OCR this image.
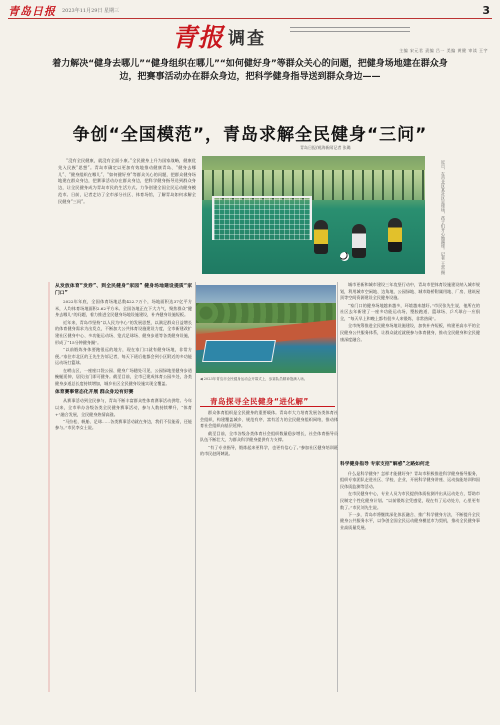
青岛日报 2023年11月29日 星期三	3
青报 调查
主编 宋元君 责编 吕一 美编 黄健 审读 王宇
着力解决“健身去哪儿”“健身组织在哪儿”“如何健好身”等群众关心的问题，把健身场地建在群众身边，把赛事活动办在群众身边，把科学健身指导送到群众身边——
争创“全国模范”，青岛求解全民健身“三问”
青岛日报/观海新闻记者 张璐
“没有全民健康，就没有全面小康。”全民健身上升为国家战略，健康优先入民族“思想”。青岛市确定以更加有效地推动健康青岛、“健身去哪儿”、“健身组织在哪儿”、“如何健好身”等群众关心的问题，把群众健身场地建在群众身边，把赛事活动办在群众身边，把科学健身指导送到群众身边，让全民健身成为青岛市民的生活方式。力争创建全国全民运动健身模范市。日前，记者走访了全市部分社区、体育场馆，了解青岛如何求解全民健身“三问”。	近日，在市北区某社区足球场，孩子们开心地踢球。记者 王雷 摄
从发放体育“发券”、到全民健身“家园” 健身场地建设提质“家门口”

2022年年底，全国体育场地总数422.7万个，场地面积达37亿平方米，人均体育场地面积2.62平方米。全国各地正在下大力气，聚焦群众“健身去哪儿”的问题，着力推进全民健身场地设施建设，补齐健身设施短板。

近年来，青岛市坚持“以人民为中心”的发展思想，以满足群众日益增长的体育健身需求为出发点，不断加大公共体育设施建设力度，全市新建改扩建社区健身中心、多功能运动场、笼式足球场、健身步道等各类健身设施，形成了“15分钟健身圈”。

“以前锻炼身体要跑很远的地方，现在家门口就有健身场地，非常方便。”家住市北区的王先生告诉记者，每天下班后他都会到小区附近的多功能运动场打篮球。

在崂山区，一座座口袋公园、健身广场随处可见，公园绿地里健身步道蜿蜒延伸，居民出门即可健身。截至目前，全市已建成体育公园多处，各类健身步道总长度持续增加，城乡社区全民健身设施实现全覆盖。

体育赛事常态化开展 群众身边有好赛

从赛事活动到全民参与，青岛不断丰富群众性体育赛事活动供给。今年以来，全市举办各级各类全民健身赛事活动，参与人数持续攀升，“体育+”融合发展，全民健身热情高涨。

“马拉松、帆船、足球……各类赛事活动就在身边，我们不仅能看，还能参与。”市民李女士说。

◀ 2023年青岛市全民健身运动会开幕式上，参赛队员精神饱满入场。

城市更新和城市建设三年攻坚行动中，青岛市把体育设施建设纳入城市规划，利用城市空闲地、边角地、公园绿地、城市路桥附属用地、厂房、建筑屋顶等空间资源建设全民健身设施。

“家门口的健身场地越来越多，环境越来越好。”市民张先生说，他所在的社区去年新建了一座多功能运动场，塑胶跑道、篮球场、乒乓球台一应俱全，“每天早上和晚上都有很多人来锻炼，非常热闹”。

全市统筹推进全民健身场地设施建设，加快补齐短板，构建更高水平的全民健身公共服务体系，让群众就近就便参与体育健身，推动全民健身和全民健康深度融合。

青岛探寻全民健身“进化解”

群众体育组织是全民健身的重要载体。青岛市大力培育发展各类体育社会组织，构建覆盖城乡、规范有序、富有活力的全民健身组织网络，推动体育社会组织向基层延伸。

截至目前，全市各级各类体育社会组织数量稳步增长，社会体育指导员队伍不断壮大，为群众科学健身提供有力支撑。

“有了专业指导，锻炼起来更科学，也更有信心了。”参加社区健身培训班的市民赵阿姨说。

科学健身指导 专家支招“解惑”之路如何走

什么是科学健身？怎样才能健好身？青岛市积极推进科学健身指导服务，组织专家团队走进社区、学校、企业，开展科学健身讲座、运动技能培训和国民体质监测等活动。

在市民健身中心，专业人员为市民提供体质检测并出具运动处方，帮助市民制定个性化健身计划。“以前锻炼全凭感觉，现在有了运动处方，心里更有数了。”市民刘先生说。

下一步，青岛市将继续深化体医融合、推广科学健身方法，不断提升全民健身公共服务水平，以争创全国全民运动健身模范市为契机，推动全民健身事业高质量发展。
